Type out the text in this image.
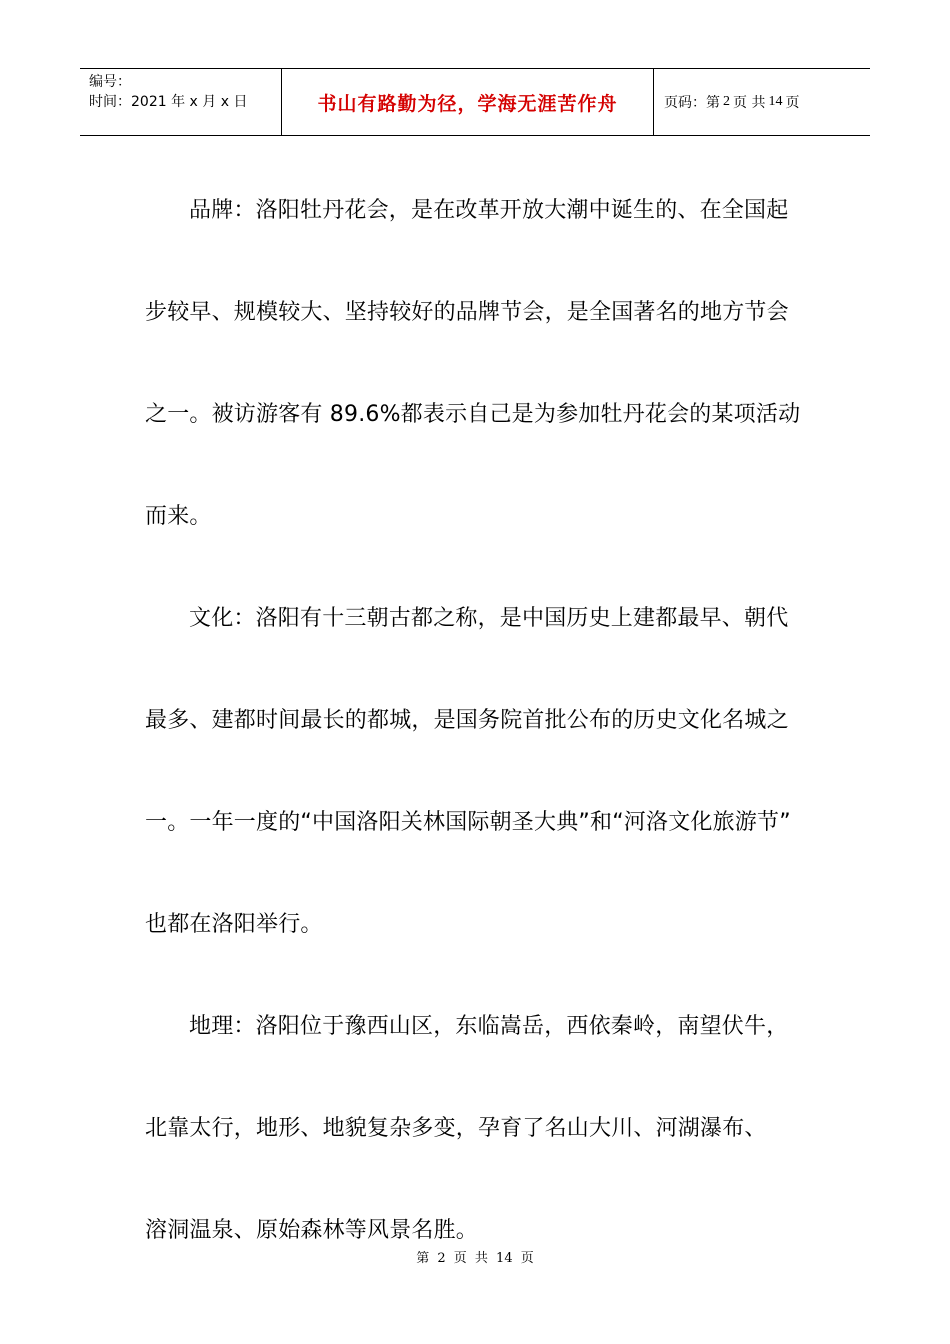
编号：
时间：2021 年 x 月 x 日	书山有路勤为径，学海无涯苦作舟	页码：第 2 页 共 14 页

品牌：洛阳牡丹花会，是在改革开放大潮中诞生的、在全国起

步较早、规模较大、坚持较好的品牌节会，是全国著名的地方节会

之一。被访游客有 89.6%都表示自己是为参加牡丹花会的某项活动

而来。

文化：洛阳有十三朝古都之称，是中国历史上建都最早、朝代

最多、建都时间最长的都城，是国务院首批公布的历史文化名城之

一。一年一度的“中国洛阳关林国际朝圣大典”和“河洛文化旅游节”

也都在洛阳举行。

地理：洛阳位于豫西山区，东临嵩岳，西依秦岭，南望伏牛，

北靠太行，地形、地貌复杂多变，孕育了名山大川、河湖瀑布、

溶洞温泉、原始森林等风景名胜。

第 2 页 共 14 页
